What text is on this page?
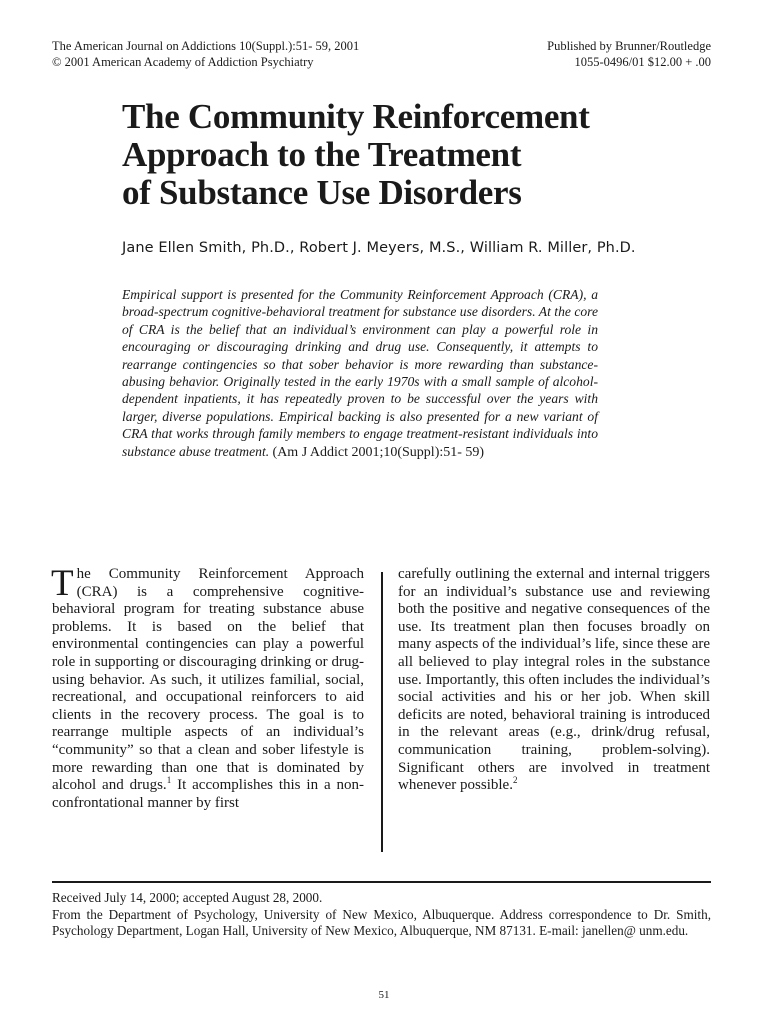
The American Journal on Addictions 10(Suppl.):51- 59, 2001
© 2001 American Academy of Addiction Psychiatry
Published by Brunner/Routledge
1055-0496/01 $12.00 + .00
The Community Reinforcement
Approach to the Treatment
of Substance Use Disorders

Jane Ellen Smith, Ph.D., Robert J. Meyers, M.S., William R. Miller, Ph.D.

Empirical support is presented for the Community Reinforcement Approach (CRA), a broad-spectrum cognitive-behavioral treatment for substance use disorders. At the core of CRA is the belief that an individual’s environment can play a powerful role in encouraging or discouraging drinking and drug use. Consequently, it attempts to rearrange contingencies so that sober behavior is more rewarding than substance-abusing behavior. Originally tested in the early 1970s with a small sample of alcohol-dependent inpatients, it has repeatedly proven to be successful over the years with larger, diverse populations. Empirical backing is also presented for a new variant of CRA that works through family members to engage treatment-resistant individuals into substance abuse treatment. (Am J Addict 2001;10(Suppl):51- 59)

The Community Reinforcement Approach (CRA) is a comprehensive cognitive-behavioral program for treating substance abuse problems. It is based on the belief that environmental contingencies can play a powerful role in supporting or discouraging drinking or drug-using behavior. As such, it utilizes familial, social, recreational, and occupational reinforcers to aid clients in the recovery process. The goal is to rearrange multiple aspects of an individual’s “community” so that a clean and sober lifestyle is more rewarding than one that is dominated by alcohol and drugs.$^1$ It accomplishes this in a non-confrontational manner by first

carefully outlining the external and internal triggers for an individual’s substance use and reviewing both the positive and negative consequences of the use. Its treatment plan then focuses broadly on many aspects of the individual’s life, since these are all believed to play integral roles in the substance use. Importantly, this often includes the individual’s social activities and his or her job. When skill deficits are noted, behavioral training is introduced in the relevant areas (e.g., drink/drug refusal, communication training, problem-solving). Significant others are involved in treatment whenever possible.$^2$

Received July 14, 2000; accepted August 28, 2000.

From the Department of Psychology, University of New Mexico, Albuquerque. Address correspondence to Dr. Smith, Psychology Department, Logan Hall, University of New Mexico, Albuquerque, NM 87131. E-mail: janellen@ unm.edu.

51
